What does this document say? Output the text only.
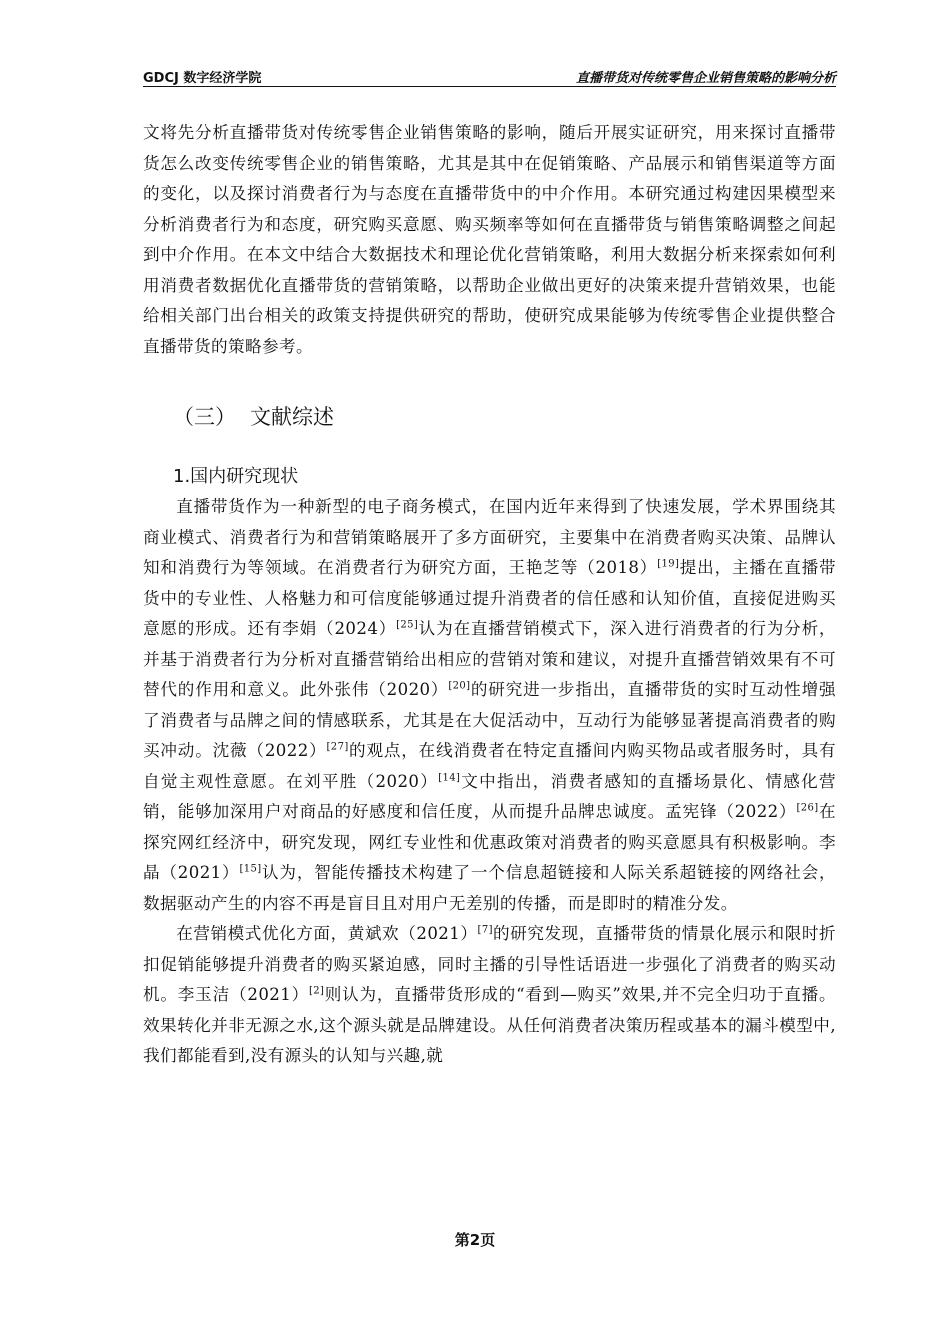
GDCJ 数字经济学院	直播带货对传统零售企业销售策略的影响分析

文将先分析直播带货对传统零售企业销售策略的影响，随后开展实证研究，用来探讨直播带货怎么改变传统零售企业的销售策略，尤其是其中在促销策略、产品展示和销售渠道等方面的变化，以及探讨消费者行为与态度在直播带货中的中介作用。本研究通过构建因果模型来分析消费者行为和态度，研究购买意愿、购买频率等如何在直播带货与销售策略调整之间起到中介作用。在本文中结合大数据技术和理论优化营销策略，利用大数据分析来探索如何利用消费者数据优化直播带货的营销策略，以帮助企业做出更好的决策来提升营销效果，也能给相关部门出台相关的政策支持提供研究的帮助，使研究成果能够为传统零售企业提供整合直播带货的策略参考。

（三） 文献综述
1.国内研究现状

直播带货作为一种新型的电子商务模式，在国内近年来得到了快速发展，学术界围绕其商业模式、消费者行为和营销策略展开了多方面研究，主要集中在消费者购买决策、品牌认知和消费行为等领域。在消费者行为研究方面，王艳芝等（2018）[19]提出，主播在直播带货中的专业性、人格魅力和可信度能够通过提升消费者的信任感和认知价值，直接促进购买意愿的形成。还有李娟（2024）[25]认为在直播营销模式下，深入进行消费者的行为分析，并基于消费者行为分析对直播营销给出相应的营销对策和建议，对提升直播营销效果有不可替代的作用和意义。此外张伟（2020）[20]的研究进一步指出，直播带货的实时互动性增强了消费者与品牌之间的情感联系，尤其是在大促活动中，互动行为能够显著提高消费者的购买冲动。沈薇（2022）[27]的观点，在线消费者在特定直播间内购买物品或者服务时，具有自觉主观性意愿。在刘平胜（2020）[14]文中指出，消费者感知的直播场景化、情感化营销，能够加深用户对商品的好感度和信任度，从而提升品牌忠诚度。孟宪锋（2022）[26]在探究网红经济中，研究发现，网红专业性和优惠政策对消费者的购买意愿具有积极影响。李晶（2021）[15]认为，智能传播技术构建了一个信息超链接和人际关系超链接的网络社会，数据驱动产生的内容不再是盲目且对用户无差别的传播，而是即时的精准分发。

在营销模式优化方面，黄斌欢（2021）[7]的研究发现，直播带货的情景化展示和限时折扣促销能够提升消费者的购买紧迫感，同时主播的引导性话语进一步强化了消费者的购买动机。李玉洁（2021）[2]则认为，直播带货形成的“看到—购买”效果,并不完全归功于直播。效果转化并非无源之水,这个源头就是品牌建设。从任何消费者决策历程或基本的漏斗模型中,我们都能看到,没有源头的认知与兴趣,就

第2页
